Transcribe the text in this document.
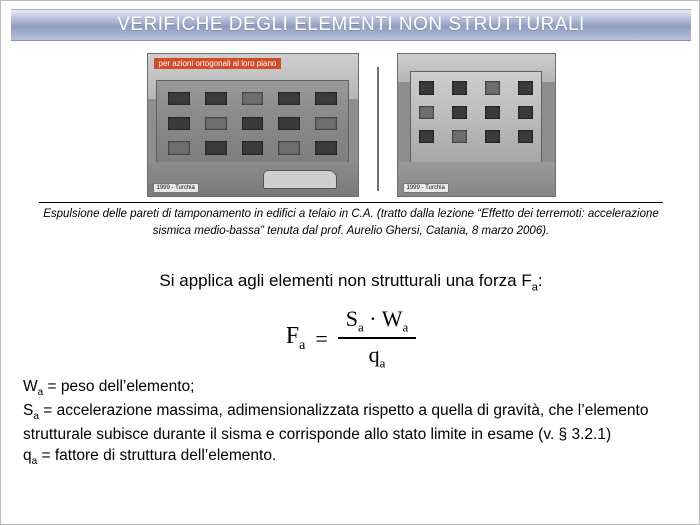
VERIFICHE DEGLI ELEMENTI NON STRUTTURALI
per azioni ortogonali al loro piano
1999 - Turchia	1999 - Turchia
Espulsione delle pareti di tamponamento in edifici a telaio in C.A. (tratto dalla lezione “Effetto dei terremoti: accelerazione sismica medio-bassa” tenuta dal prof. Aurelio Ghersi, Catania, 8 marzo 2006).
Si applica agli elementi non strutturali una forza $F_a$:
$F_a = \frac{S_a \cdot W_a}{q_a}$
$W_a$ = peso dell’elemento;
$S_a$ = accelerazione massima, adimensionalizzata rispetto a quella di gravità, che l’elemento strutturale subisce durante il sisma e corrisponde allo stato limite in esame (v. § 3.2.1)
$q_a$ = fattore di struttura dell’elemento.
